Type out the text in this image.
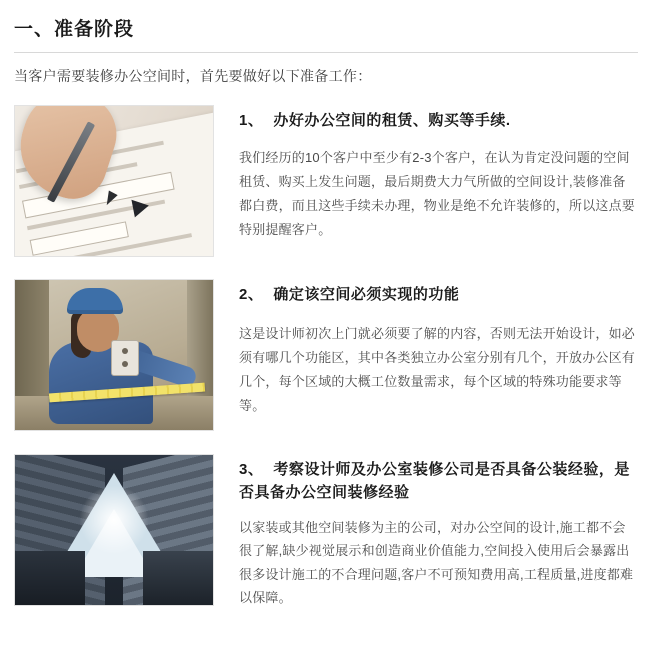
一、准备阶段

当客户需要装修办公空间时，首先要做好以下准备工作：

1、 办好办公空间的租赁、购买等手续.

我们经历的10个客户中至少有2-3个客户，在认为肯定没问题的空间租赁、购买上发生问题，最后期费大力气所做的空间设计,装修准备都白费，而且这些手续未办理，物业是绝不允许装修的，所以这点要特别提醒客户。

2、 确定该空间必须实现的功能

这是设计师初次上门就必须要了解的内容，否则无法开始设计，如必须有哪几个功能区，其中各类独立办公室分别有几个，开放办公区有几个，每个区域的大概工位数量需求，每个区域的特殊功能要求等等。

3、 考察设计师及办公室装修公司是否具备公装经验，是否具备办公空间装修经验

以家装或其他空间装修为主的公司，对办公空间的设计,施工都不会很了解,缺少视觉展示和创造商业价值能力,空间投入使用后会暴露出很多设计施工的不合理问题,客户不可预知费用高,工程质量,进度都难以保障。
